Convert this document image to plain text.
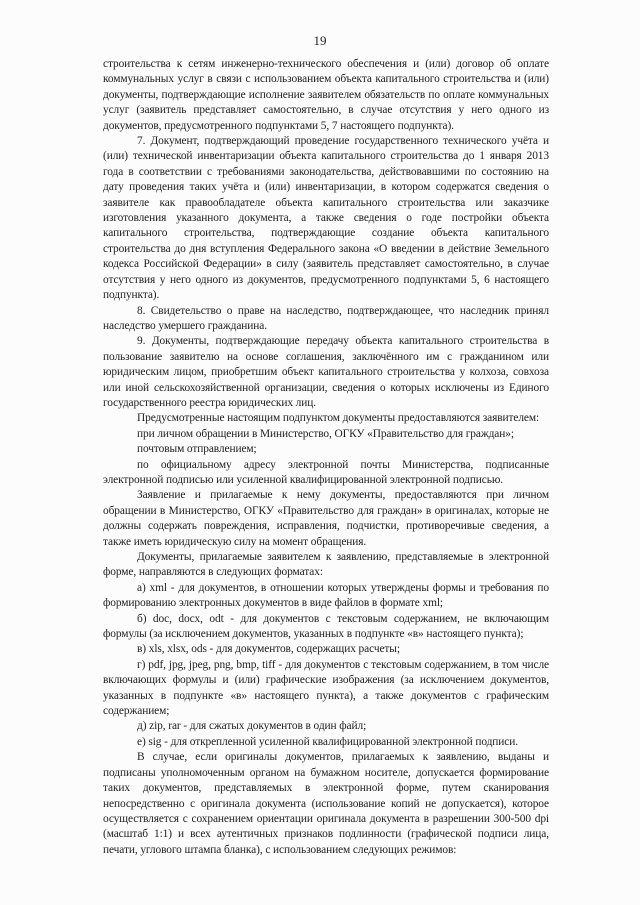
19

строительства к сетям инженерно-технического обеспечения и (или) договор об оплате коммунальных услуг в связи с использованием объекта капитального строительства и (или) документы, подтверждающие исполнение заявителем обязательств по оплате коммунальных услуг (заявитель представляет самостоятельно, в случае отсутствия у него одного из документов, предусмотренного подпунктами 5, 7 настоящего подпункта).

7. Документ, подтверждающий проведение государственного технического учёта и (или) технической инвентаризации объекта капитального строительства до 1 января 2013 года в соответствии с требованиями законодательства, действовавшими по состоянию на дату проведения таких учёта и (или) инвентаризации, в котором содержатся сведения о заявителе как правообладателе объекта капитального строительства или заказчике изготовления указанного документа, а также сведения о годе постройки объекта капитального строительства, подтверждающие создание объекта капитального строительства до дня вступления Федерального закона «О введении в действие Земельного кодекса Российской Федерации» в силу (заявитель представляет самостоятельно, в случае отсутствия у него одного из документов, предусмотренного подпунктами 5, 6 настоящего подпункта).

8. Свидетельство о праве на наследство, подтверждающее, что наследник принял наследство умершего гражданина.

9. Документы, подтверждающие передачу объекта капитального строительства в пользование заявителю на основе соглашения, заключённого им с гражданином или юридическим лицом, приобретшим объект капитального строительства у колхоза, совхоза или иной сельскохозяйственной организации, сведения о которых исключены из Единого государственного реестра юридических лиц.

Предусмотренные настоящим подпунктом документы предоставляются заявителем:

при личном обращении в Министерство, ОГКУ «Правительство для граждан»;

почтовым отправлением;

по официальному адресу электронной почты Министерства, подписанные электронной подписью или усиленной квалифицированной электронной подписью.

Заявление и прилагаемые к нему документы, предоставляются при личном обращении в Министерство, ОГКУ «Правительство для граждан» в оригиналах, которые не должны содержать повреждения, исправления, подчистки, противоречивые сведения, а также иметь юридическую силу на момент обращения.

Документы, прилагаемые заявителем к заявлению, представляемые в электронной форме, направляются в следующих форматах:

а) xml - для документов, в отношении которых утверждены формы и требования по формированию электронных документов в виде файлов в формате xml;

б) doc, docx, odt - для документов с текстовым содержанием, не включающим формулы (за исключением документов, указанных в подпункте «в» настоящего пункта);

в) xls, xlsx, ods - для документов, содержащих расчеты;

г) pdf, jpg, jpeg, png, bmp, tiff - для документов с текстовым содержанием, в том числе включающих формулы и (или) графические изображения (за исключением документов, указанных в подпункте «в» настоящего пункта), а также документов с графическим содержанием;

д) zip, rar - для сжатых документов в один файл;

е) sig - для открепленной усиленной квалифицированной электронной подписи.

В случае, если оригиналы документов, прилагаемых к заявлению, выданы и подписаны уполномоченным органом на бумажном носителе, допускается формирование таких документов, представляемых в электронной форме, путем сканирования непосредственно с оригинала документа (использование копий не допускается), которое осуществляется с сохранением ориентации оригинала документа в разрешении 300-500 dpi (масштаб 1:1) и всех аутентичных признаков подлинности (графической подписи лица, печати, углового штампа бланка), с использованием следующих режимов:
